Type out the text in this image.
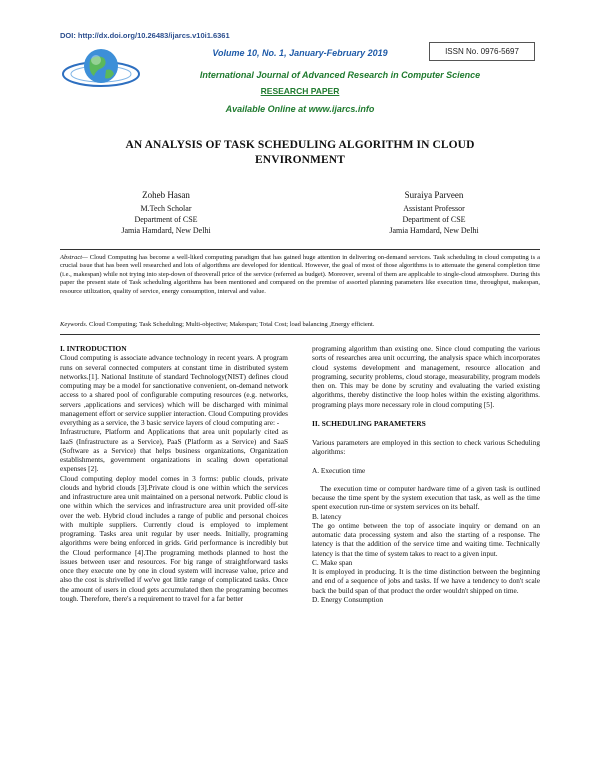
DOI: http://dx.doi.org/10.26483/ijarcs.v10i1.6361
Volume 10, No. 1, January-February 2019	ISSN No. 0976-5697
International Journal of Advanced Research in Computer Science
RESEARCH PAPER
Available Online at www.ijarcs.info
AN ANALYSIS OF TASK SCHEDULING ALGORITHM IN CLOUD
ENVIRONMENT
Zoheb Hasan
M.Tech Scholar
Department of CSE
Jamia Hamdard, New Delhi
Suraiya Parveen
Assistant Professor
Department of CSE
Jamia Hamdard, New Delhi
Abstract— Cloud Computing has become a well-liked computing paradigm that has gained huge attention in delivering on-demand services. Task scheduling in cloud computing is a crucial issue that has been well researched and lots of algorithms are developed for identical. However, the goal of most of those algorithms is to attenuate the general completion time (i.e., makespan) while not trying into step-down of theoverall price of the service (referred as budget). Moreover, several of them are applicable to single-cloud atmosphere. During this paper the present state of Task scheduling algorithms has been mentioned and compared on the premise of assorted planning parameters like execution time, throughput, makespan, resource utilization, quality of service, energy consumption, interval and value.
Keywords. Cloud Computing; Task Scheduling; Multi-objective; Makespan; Total Cost; load balancing ,Energy efficient.

I. INTRODUCTION

Cloud computing is associate advance technology in recent years. A program runs on several connected computers at constant time in distributed system networks.[1]. National Institute of standard Technology(NIST) defines cloud computing may be a model for sanctionative convenient, on-demand network access to a shared pool of configurable computing resources (e.g. networks, servers ,applications and services) which will be discharged with minimal management effort or service supplier interaction. Cloud Computing provides everything as a service, the 3 basic service layers of cloud computing are: -

Infrastructure, Platform and Applications that area unit popularly cited as IaaS (Infrastructure as a Service), PaaS (Platform as a Service) and SaaS (Software as a Service) that helps business organizations, Organization establishments, government organizations in scaling down operational expenses [2].

Cloud computing deploy model comes in 3 forms: public clouds, private clouds and hybrid clouds [3].Private cloud is one within which the services and infrastructure area unit maintained on a personal network. Public cloud is one within which the services and infrastructure area unit provided off-site over the web. Hybrid cloud includes a range of public and personal choices with multiple suppliers. Currently cloud is employed to implement programing. Tasks area unit regular by user needs. Initially, programing algorithms were being enforced in grids. Grid performance is incredibly but the Cloud performance [4].The programing methods planned to host the issues between user and resources. For big range of straightforward tasks once they execute one by one in cloud system will increase value, price and also the cost is shrivelled if we've got little range of complicated tasks. Once the amount of users in cloud gets accumulated then the programing becomes tough. Therefore, there's a requirement to travel for a far better

programing algorithm than existing one. Since cloud computing the various sorts of researches area unit occurring, the analysis space which incorporates cloud systems development and management, resource allocation and programing, security problems, cloud storage, measurability, program models then on. This may be done by scrutiny and evaluating the varied existing algorithms, thereby distinctive the loop holes within the existing algorithms. programing plays more necessary role in cloud computing [5].

II. SCHEDULING PARAMETERS

Various parameters are employed in this section to check various Scheduling algorithms:

A. Execution time

The execution time or computer hardware time of a given task is outlined because the time spent by the system execution that task, as well as the time spent execution run-time or system services on its behalf.

B. latency

The go ontime between the top of associate inquiry or demand on an automatic data processing system and also the starting of a response. The latency is that the addition of the service time and waiting time. Technically latency is that the time of system takes to react to a given input.

C. Make span

It is employed in producing. It is the time distinction between the beginning and end of a sequence of jobs and tasks. If we have a tendency to don't scale back the build span of that product the order wouldn't shipped on time.

D. Energy Consumption
